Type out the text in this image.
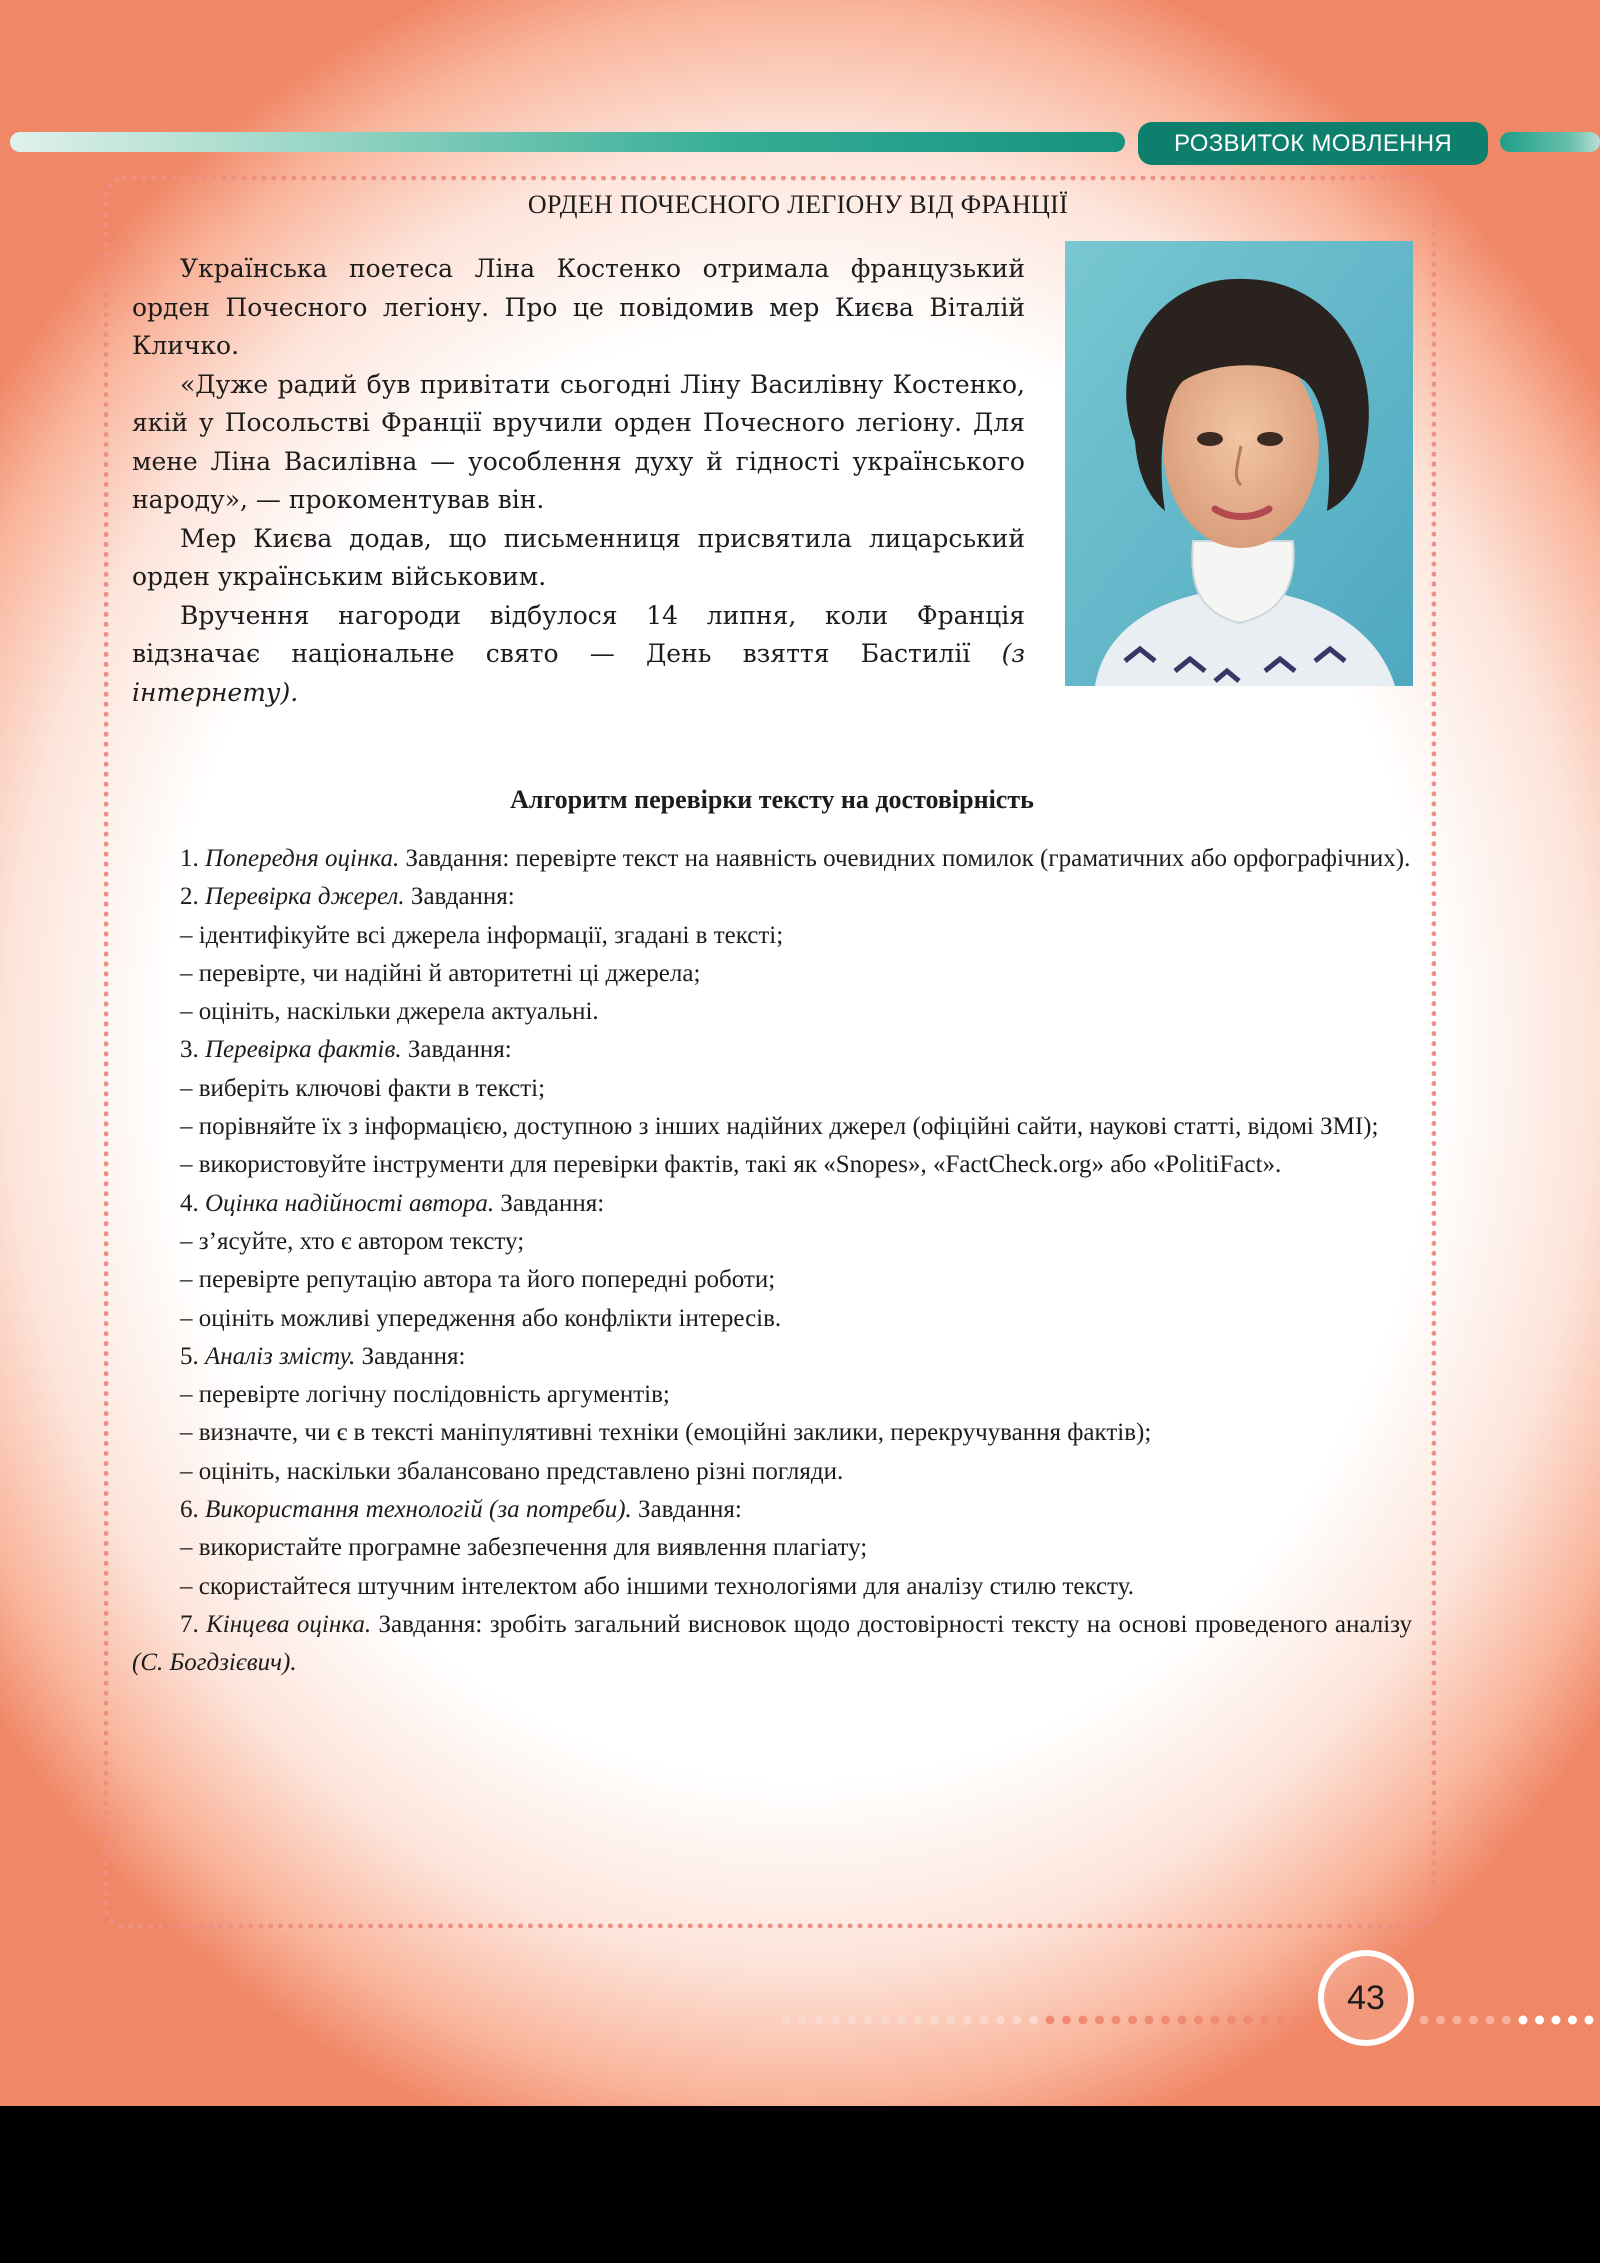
РОЗВИТОК МОВЛЕННЯ
ОРДЕН ПОЧЕСНОГО ЛЕГІОНУ ВІД ФРАНЦІЇ

Українська поетеса Ліна Костенко отримала французький орден Почесного легіону. Про це повідомив мер Києва Віталій Кличко.

«Дуже радий був привітати сьогодні Ліну Василівну Костенко, якій у Посольстві Франції вручили орден Почесного легіону. Для мене Ліна Василівна — уособлення духу й гідності українського народу», — прокоментував він.

Мер Києва додав, що письменниця присвятила лицарський орден українським військовим.

Вручення нагороди відбулося 14 липня, коли Франція відзначає національне свято — День взяття Бастилії (з інтернету).

Алгоритм перевірки тексту на достовірність
1. Попередня оцінка. Завдання: перевірте текст на наявність очевидних помилок (граматичних або орфографічних).
2. Перевірка джерел. Завдання:
– ідентифікуйте всі джерела інформації, згадані в тексті;
– перевірте, чи надійні й авторитетні ці джерела;
– оцініть, наскільки джерела актуальні.
3. Перевірка фактів. Завдання:
– виберіть ключові факти в тексті;
– порівняйте їх з інформацією, доступною з інших надійних джерел (офіційні сайти, наукові статті, відомі ЗМІ);
– використовуйте інструменти для перевірки фактів, такі як «Snopes», «FactCheck.org» або «PolitiFact».
4. Оцінка надійності автора. Завдання:
– з’ясуйте, хто є автором тексту;
– перевірте репутацію автора та його попередні роботи;
– оцініть можливі упередження або конфлікти інтересів.
5. Аналіз змісту. Завдання:
– перевірте логічну послідовність аргументів;
– визначте, чи є в тексті маніпулятивні техніки (емоційні заклики, перекручування фактів);
– оцініть, наскільки збалансовано представлено різні погляди.
6. Використання технологій (за потреби). Завдання:
– використайте програмне забезпечення для виявлення плагіату;
– скористайтеся штучним інтелектом або іншими технологіями для аналізу стилю тексту.
7. Кінцева оцінка. Завдання: зробіть загальний висновок щодо достовірності тексту на основі проведеного аналізу (С. Богдзієвич).
43
